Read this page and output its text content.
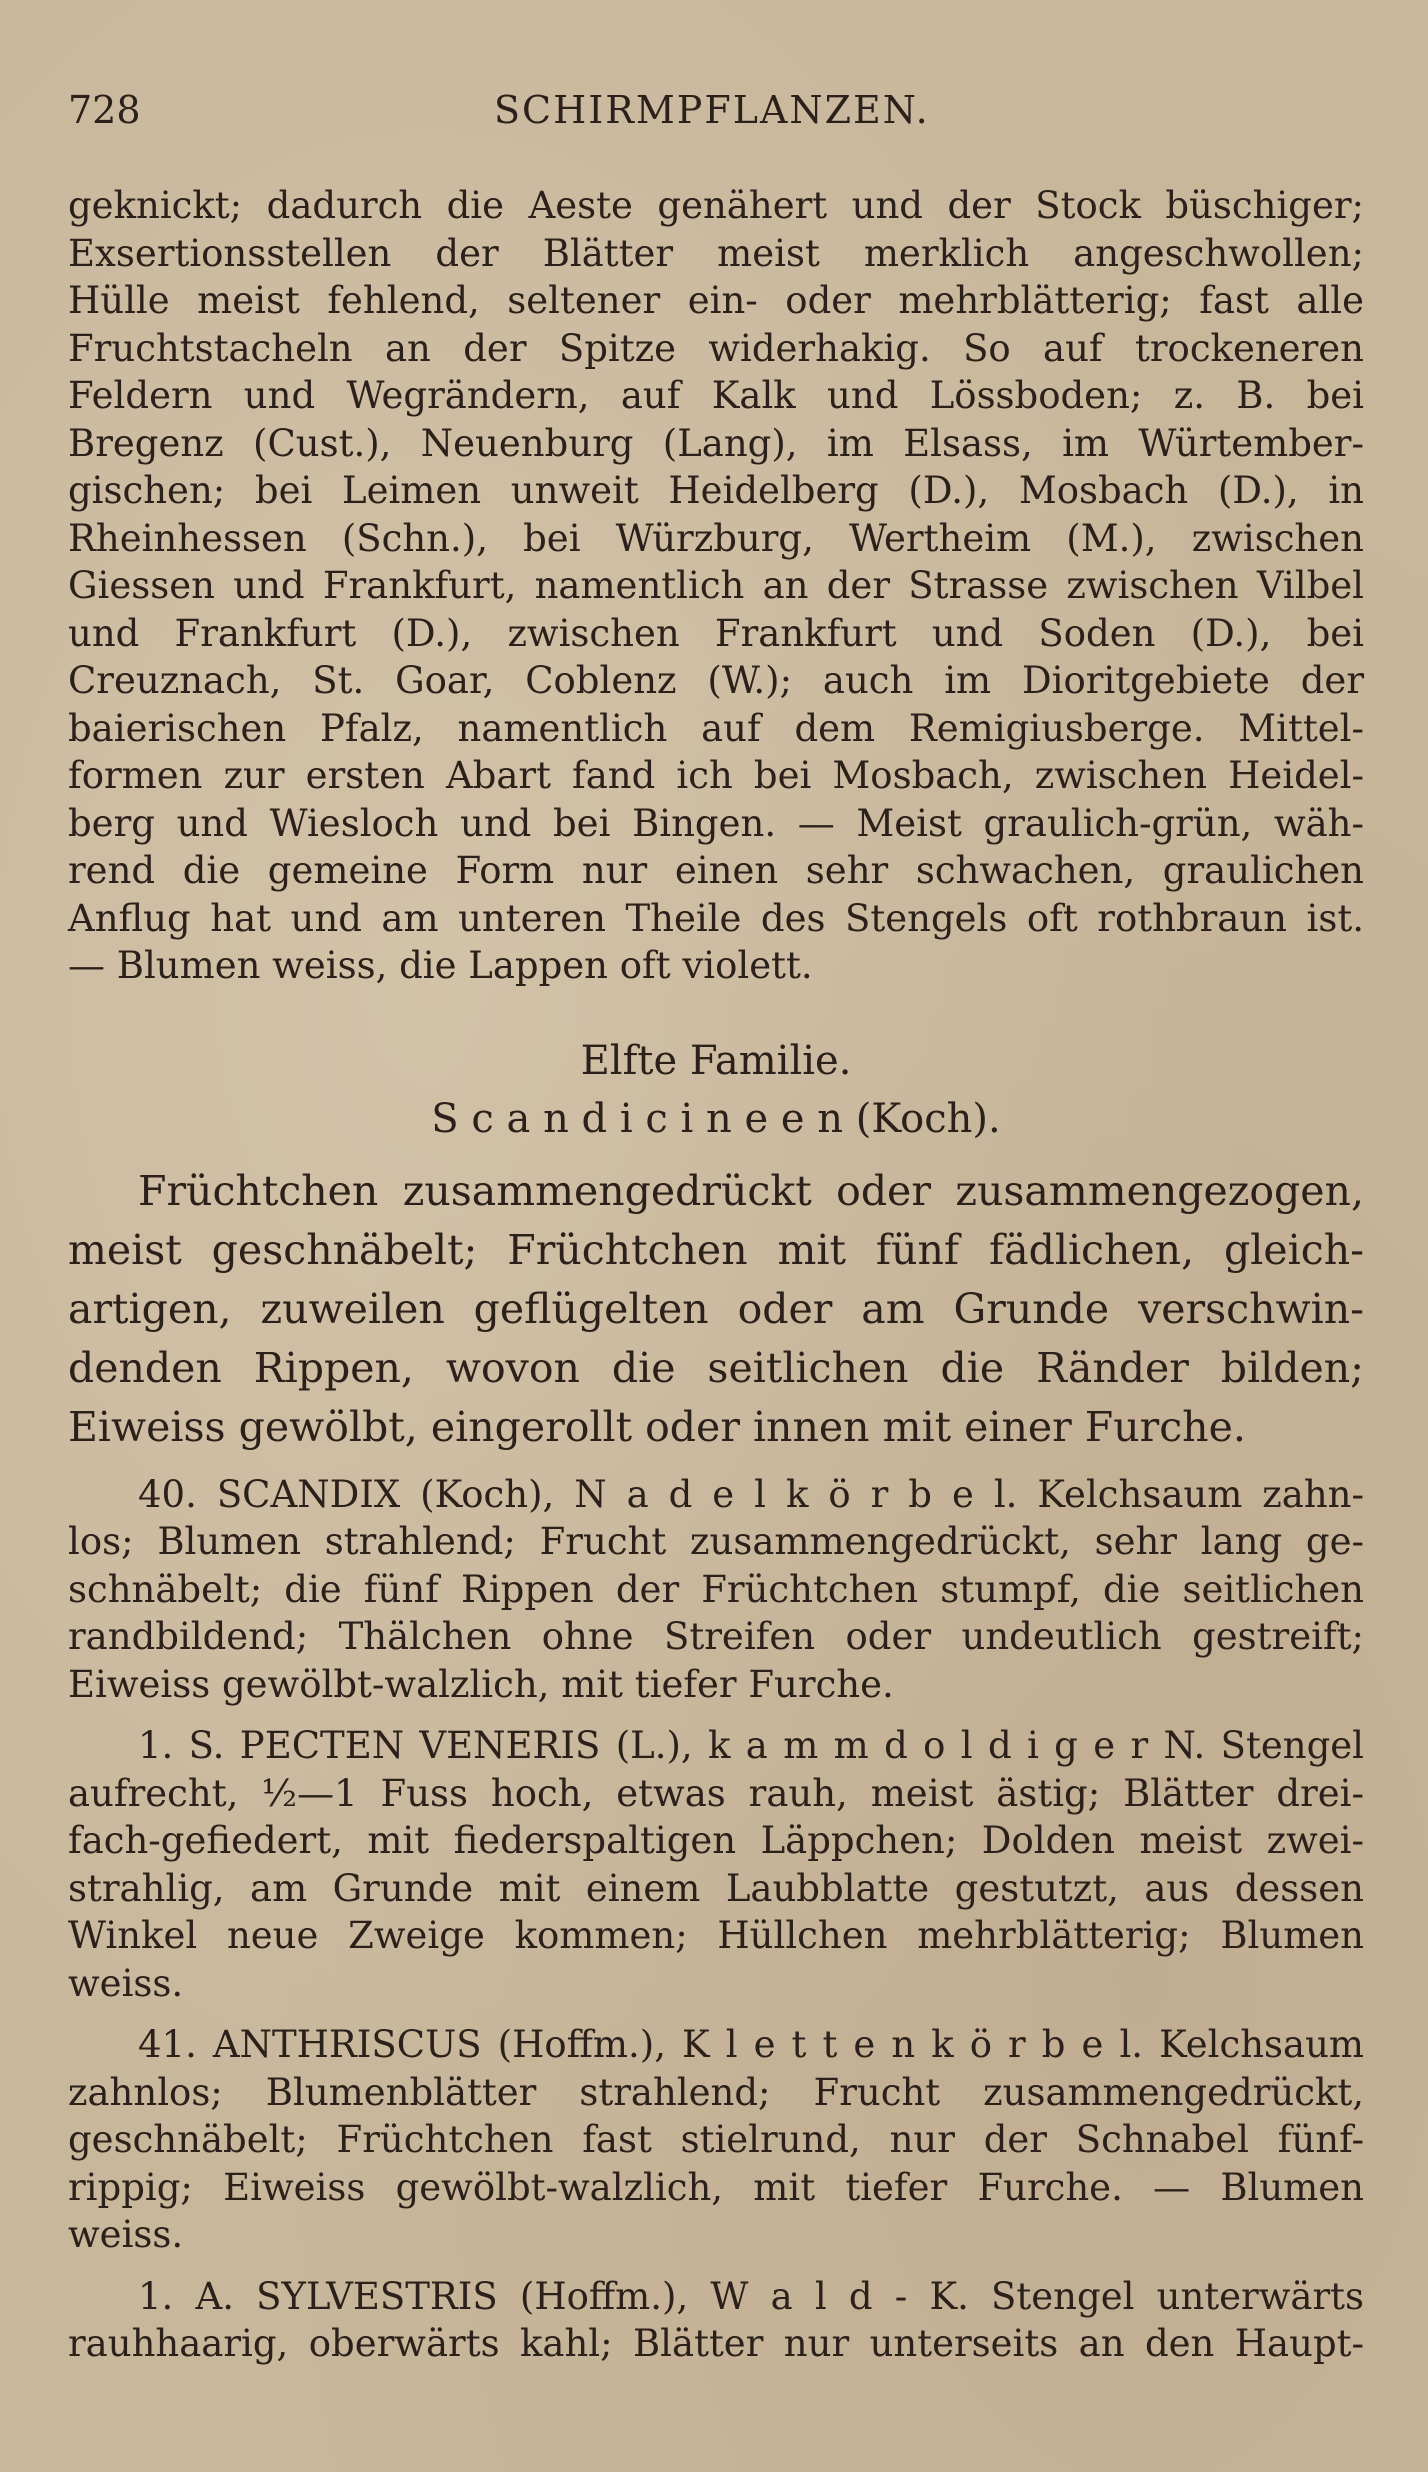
728	SCHIRMPFLANZEN.
geknickt; dadurch die Aeste genähert und der Stock büschiger;
Exsertionsstellen der Blätter meist merklich angeschwollen;
Hülle meist fehlend, seltener ein- oder mehrblätterig; fast alle
Fruchtstacheln an der Spitze widerhakig. So auf trockeneren
Feldern und Wegrändern, auf Kalk und Lössboden; z. B. bei
Bregenz (Cust.), Neuenburg (Lang), im Elsass, im Würtember-
gischen; bei Leimen unweit Heidelberg (D.), Mosbach (D.), in
Rheinhessen (Schn.), bei Würzburg, Wertheim (M.), zwischen
Giessen und Frankfurt, namentlich an der Strasse zwischen Vilbel
und Frankfurt (D.), zwischen Frankfurt und Soden (D.), bei
Creuznach, St. Goar, Coblenz (W.); auch im Dioritgebiete der
baierischen Pfalz, namentlich auf dem Remigiusberge. Mittel-
formen zur ersten Abart fand ich bei Mosbach, zwischen Heidel-
berg und Wiesloch und bei Bingen. — Meist graulich-grün, wäh-
rend die gemeine Form nur einen sehr schwachen, graulichen
Anflug hat und am unteren Theile des Stengels oft rothbraun ist.
— Blumen weiss, die Lappen oft violett.
Elfte Familie.
S c a n d i c i n e e n (Koch).
Früchtchen zusammengedrückt oder zusammengezogen,
meist geschnäbelt; Früchtchen mit fünf fädlichen, gleich-
artigen, zuweilen geflügelten oder am Grunde verschwin-
denden Rippen, wovon die seitlichen die Ränder bilden;
Eiweiss gewölbt, eingerollt oder innen mit einer Furche.
40. SCANDIX (Koch), N a d e l k ö r b e l. Kelchsaum zahn-
los; Blumen strahlend; Frucht zusammengedrückt, sehr lang ge-
schnäbelt; die fünf Rippen der Früchtchen stumpf, die seitlichen
randbildend; Thälchen ohne Streifen oder undeutlich gestreift;
Eiweiss gewölbt-walzlich, mit tiefer Furche.
1. S. PECTEN VENERIS (L.), k a m m d o l d i g e r N. Stengel
aufrecht, ½—1 Fuss hoch, etwas rauh, meist ästig; Blätter drei-
fach-gefiedert, mit fiederspaltigen Läppchen; Dolden meist zwei-
strahlig, am Grunde mit einem Laubblatte gestutzt, aus dessen
Winkel neue Zweige kommen; Hüllchen mehrblätterig; Blumen
weiss.
41. ANTHRISCUS (Hoffm.), K l e t t e n k ö r b e l. Kelchsaum
zahnlos; Blumenblätter strahlend; Frucht zusammengedrückt,
geschnäbelt; Früchtchen fast stielrund, nur der Schnabel fünf-
rippig; Eiweiss gewölbt-walzlich, mit tiefer Furche. — Blumen
weiss.
1. A. SYLVESTRIS (Hoffm.), W a l d - K. Stengel unterwärts
rauhhaarig, oberwärts kahl; Blätter nur unterseits an den Haupt-
